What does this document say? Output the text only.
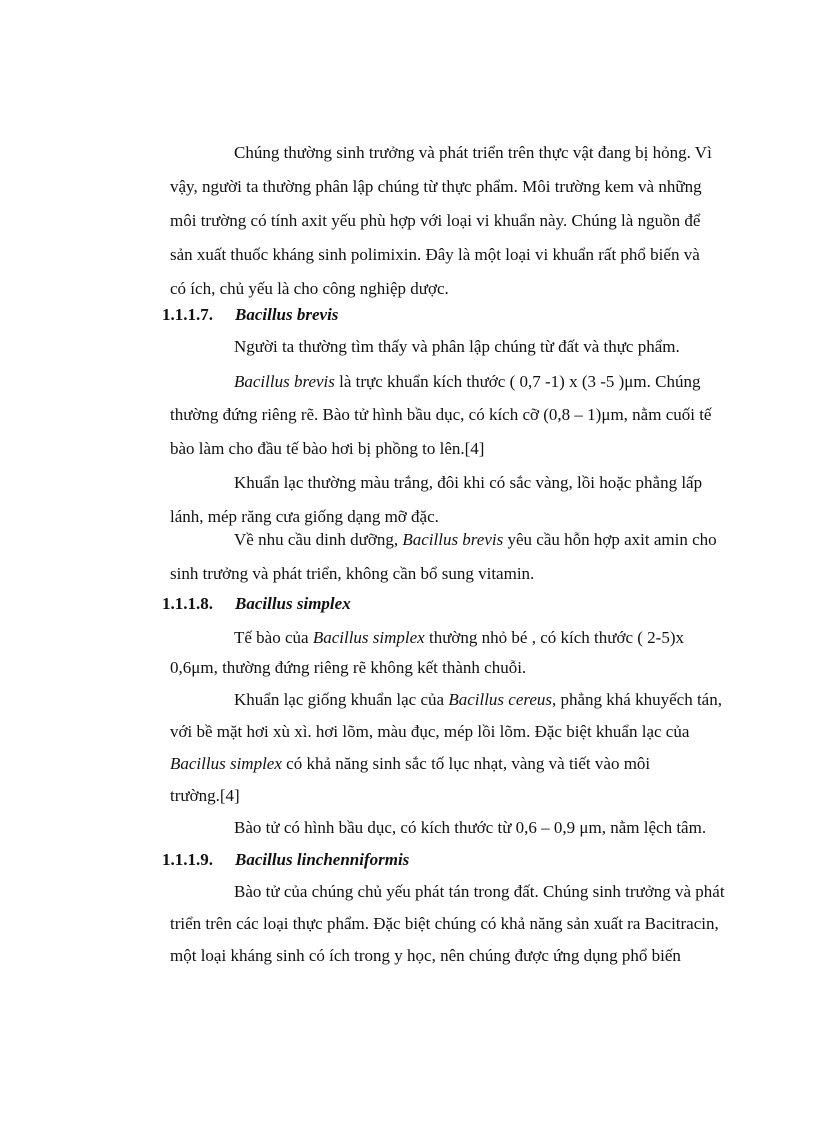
Chúng thường sinh trưởng và phát triển trên thực vật đang bị hỏng. Vì
vậy, người ta thường phân lập chúng từ thực phẩm. Môi trường kem và những
môi trường có tính axit yếu phù hợp với loại vi khuẩn này. Chúng là nguồn để
sản xuất thuốc kháng sinh polimixin. Đây là một loại vi khuẩn rất phổ biến và
có ích, chủ yếu là cho công nghiệp dược.
1.1.1.7. Bacillus brevis
Người ta thường tìm thấy và phân lập chúng từ đất và thực phẩm.
Bacillus brevis là trực khuẩn kích thước ( 0,7 -1) x (3 -5 )μm. Chúng
thường đứng riêng rẽ. Bào tử hình bầu dục, có kích cỡ (0,8 – 1)μm, nằm cuối tế
bào làm cho đầu tế bào hơi bị phồng to lên.[4]
Khuẩn lạc thường màu trắng, đôi khi có sắc vàng, lồi hoặc phẳng lấp
lánh, mép răng cưa giống dạng mỡ đặc.
Về nhu cầu dinh dưỡng, Bacillus brevis yêu cầu hỗn hợp axit amin cho
sinh trưởng và phát triển, không cần bổ sung vitamin.
1.1.1.8. Bacillus simplex
Tế bào của Bacillus simplex thường nhỏ bé , có kích thước ( 2-5)x
0,6μm, thường đứng riêng rẽ không kết thành chuỗi.
Khuẩn lạc giống khuẩn lạc của Bacillus cereus, phẳng khá khuyếch tán,
với bề mặt hơi xù xì. hơi lõm, màu đục, mép lồi lõm. Đặc biệt khuẩn lạc của
Bacillus simplex có khả năng sinh sắc tố lục nhạt, vàng và tiết vào môi
trường.[4]
Bào tử có hình bầu dục, có kích thước từ 0,6 – 0,9 μm, nằm lệch tâm.
1.1.1.9. Bacillus linchenniformis
Bào tử của chúng chủ yếu phát tán trong đất. Chúng sinh trưởng và phát
triển trên các loại thực phẩm. Đặc biệt chúng có khả năng sản xuất ra Bacitracin,
một loại kháng sinh có ích trong y học, nên chúng được ứng dụng phổ biến
